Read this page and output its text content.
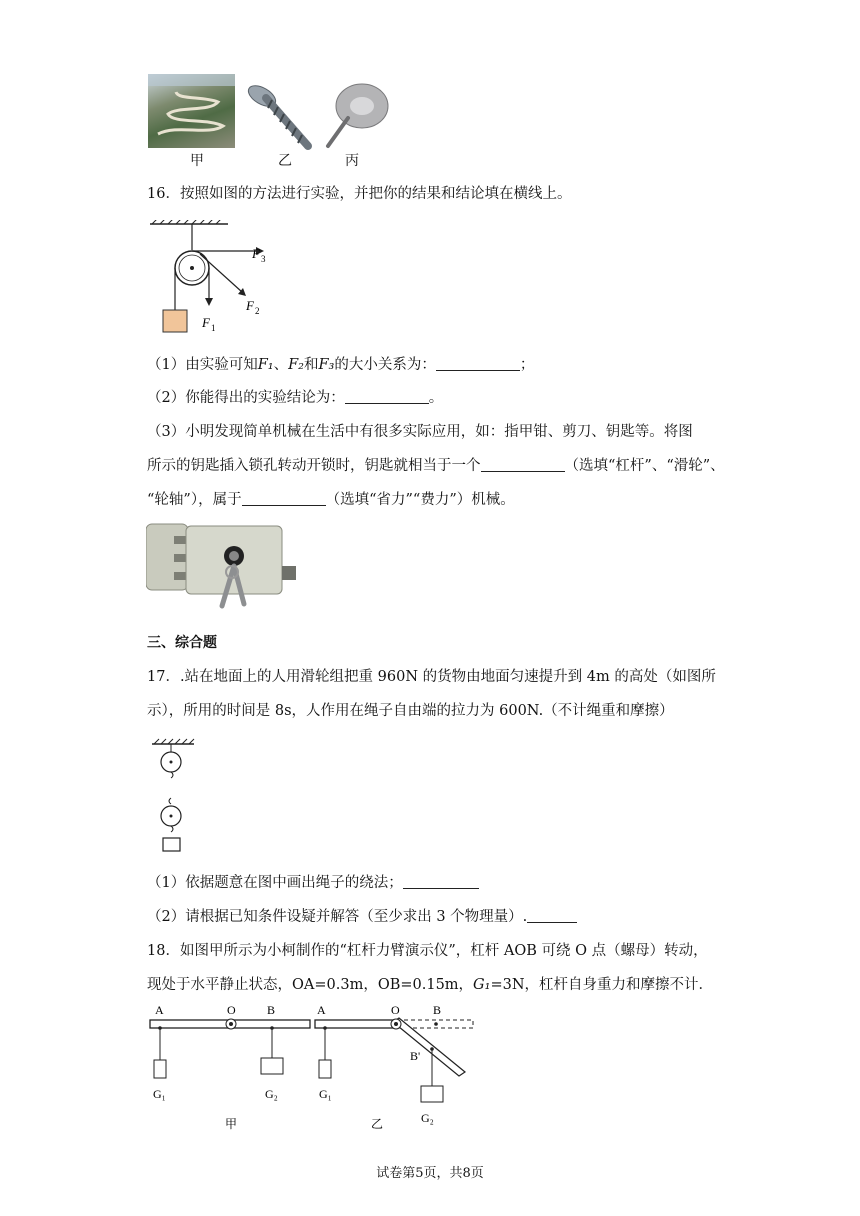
甲	乙	丙
16．按照如图的方法进行实验，并把你的结果和结论填在横线上。
F 3
F 2
F 1
（1）由实验可知F₁、F₂和F₃的大小关系为：	；
（2）你能得出的实验结论为：	。
（3）小明发现简单机械在生活中有很多实际应用，如：指甲钳、剪刀、钥匙等。将图
所示的钥匙插入锁孔转动开锁时，钥匙就相当于一个	（选填“杠杆”、“滑轮”、
“轮轴”），属于	（选填“省力”“费力”）机械。
三、综合题
17．.站在地面上的人用滑轮组把重 960N 的货物由地面匀速提升到 4m 的高处（如图所
示），所用的时间是 8s，人作用在绳子自由端的拉力为 600N.（不计绳重和摩擦）
（1）依据题意在图中画出绳子的绕法；
（2）请根据已知条件设疑并解答（至少求出 3 个物理量）.
18．如图甲所示为小柯制作的“杠杆力臂演示仪”，杠杆 AOB 可绕 O 点（螺母）转动，
现处于水平静止状态，OA=0.3m，OB=0.15m，G₁=3N，杠杆自身重力和摩擦不计．
A	O	B
G₁	G₂
甲
A	O	B
B'
G₁
G₂
乙
试卷第5页，共8页
